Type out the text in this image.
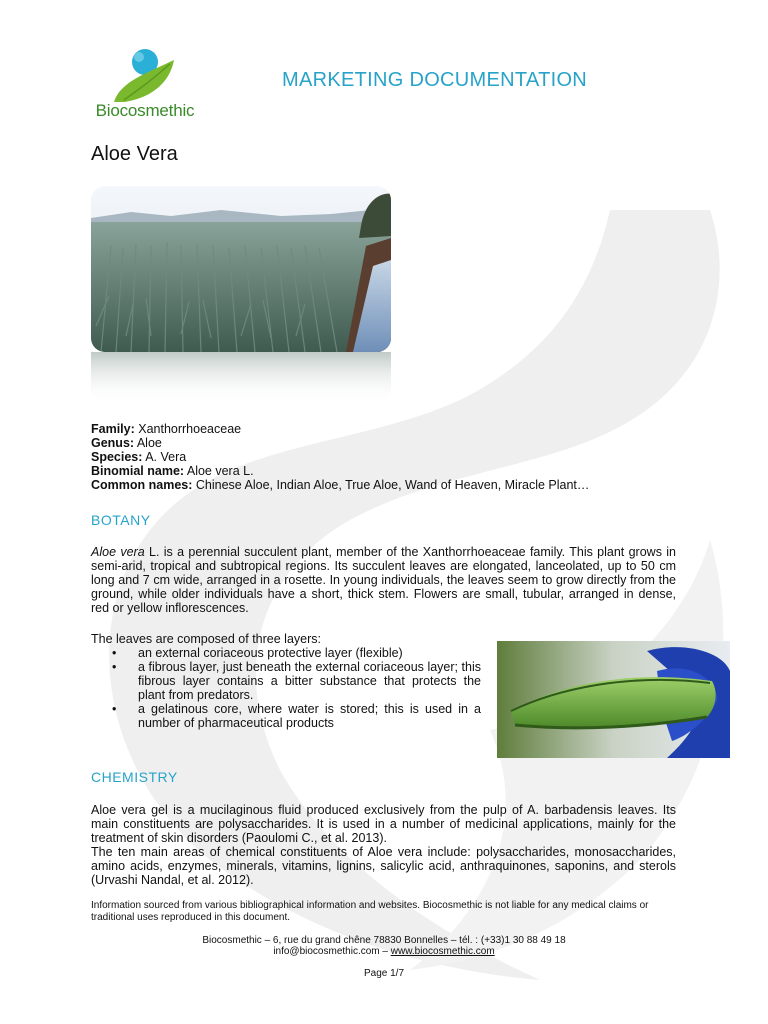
Biocosmethic
MARKETING DOCUMENTATION
Aloe Vera
Family: Xanthorrhoeaceae
Genus: Aloe
Species: A. Vera
Binomial name: Aloe vera L.
Common names: Chinese Aloe, Indian Aloe, True Aloe, Wand of Heaven, Miracle Plant…
BOTANY
Aloe vera L. is a perennial succulent plant, member of the Xanthorrhoeaceae family. This plant grows in semi-arid, tropical and subtropical regions. Its succulent leaves are elongated, lanceolated, up to 50 cm long and 7 cm wide, arranged in a rosette. In young individuals, the leaves seem to grow directly from the ground, while older individuals have a short, thick stem. Flowers are small, tubular, arranged in dense, red or yellow inflorescences.
The leaves are composed of three layers:
• an external coriaceous protective layer (flexible)
• a fibrous layer, just beneath the external coriaceous layer; this fibrous layer contains a bitter substance that protects the plant from predators.
• a gelatinous core, where water is stored; this is used in a number of pharmaceutical products
CHEMISTRY
Aloe vera gel is a mucilaginous fluid produced exclusively from the pulp of A. barbadensis leaves. Its main constituents are polysaccharides. It is used in a number of medicinal applications, mainly for the treatment of skin disorders (Paoulomi C., et al. 2013).
The ten main areas of chemical constituents of Aloe vera include: polysaccharides, monosaccharides, amino acids, enzymes, minerals, vitamins, lignins, salicylic acid, anthraquinones, saponins, and sterols (Urvashi Nandal, et al. 2012).
Information sourced from various bibliographical information and websites. Biocosmethic is not liable for any medical claims or traditional uses reproduced in this document.
Biocosmethic – 6, rue du grand chêne 78830 Bonnelles – tél. : (+33)1 30 88 49 18
info@biocosmethic.com – www.biocosmethic.com
Page 1/7
